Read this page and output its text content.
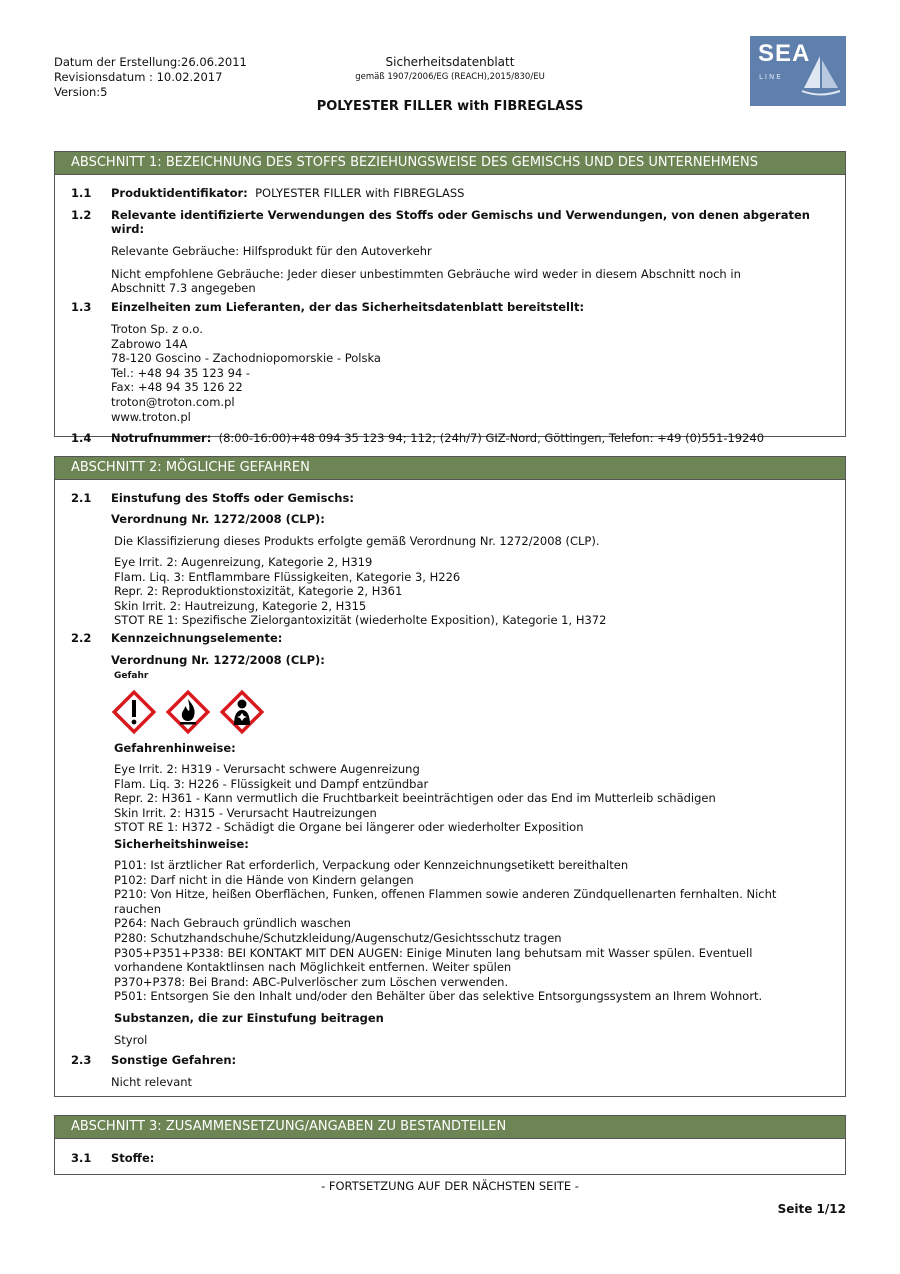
Datum der Erstellung:26.06.2011
Revisionsdatum : 10.02.2017
Version:5
Sicherheitsdatenblatt
gemäß 1907/2006/EG (REACH),2015/830/EU
POLYESTER FILLER with FIBREGLASS
SEA
LINE
ABSCHNITT 1: BEZEICHNUNG DES STOFFS BEZIEHUNGSWEISE DES GEMISCHS UND DES UNTERNEHMENS
1.1 Produktidentifikator: POLYESTER FILLER with FIBREGLASS
1.2 Relevante identifizierte Verwendungen des Stoffs oder Gemischs und Verwendungen, von denen abgeraten wird:
Relevante Gebräuche: Hilfsprodukt für den Autoverkehr
Nicht empfohlene Gebräuche: Jeder dieser unbestimmten Gebräuche wird weder in diesem Abschnitt noch in Abschnitt 7.3 angegeben
1.3 Einzelheiten zum Lieferanten, der das Sicherheitsdatenblatt bereitstellt:
Troton Sp. z o.o.
Zabrowo 14A
78-120 Goscino - Zachodniopomorskie - Polska
Tel.: +48 94 35 123 94 -
Fax: +48 94 35 126 22
troton@troton.com.pl
www.troton.pl
1.4 Notrufnummer: (8:00-16:00)+48 094 35 123 94; 112; (24h/7) GIZ-Nord, Göttingen, Telefon: +49 (0)551-19240
ABSCHNITT 2: MÖGLICHE GEFAHREN
2.1 Einstufung des Stoffs oder Gemischs:
Verordnung Nr. 1272/2008 (CLP):
Die Klassifizierung dieses Produkts erfolgte gemäß Verordnung Nr. 1272/2008 (CLP).
Eye Irrit. 2: Augenreizung, Kategorie 2, H319
Flam. Liq. 3: Entflammbare Flüssigkeiten, Kategorie 3, H226
Repr. 2: Reproduktionstoxizität, Kategorie 2, H361
Skin Irrit. 2: Hautreizung, Kategorie 2, H315
STOT RE 1: Spezifische Zielorgantoxizität (wiederholte Exposition), Kategorie 1, H372
2.2 Kennzeichnungselemente:
Verordnung Nr. 1272/2008 (CLP):
Gefahr
Gefahrenhinweise:
Eye Irrit. 2: H319 - Verursacht schwere Augenreizung
Flam. Liq. 3: H226 - Flüssigkeit und Dampf entzündbar
Repr. 2: H361 - Kann vermutlich die Fruchtbarkeit beeinträchtigen oder das End im Mutterleib schädigen
Skin Irrit. 2: H315 - Verursacht Hautreizungen
STOT RE 1: H372 - Schädigt die Organe bei längerer oder wiederholter Exposition
Sicherheitshinweise:
P101: Ist ärztlicher Rat erforderlich, Verpackung oder Kennzeichnungsetikett bereithalten
P102: Darf nicht in die Hände von Kindern gelangen
P210: Von Hitze, heißen Oberflächen, Funken, offenen Flammen sowie anderen Zündquellenarten fernhalten. Nicht rauchen
P264: Nach Gebrauch gründlich waschen
P280: Schutzhandschuhe/Schutzkleidung/Augenschutz/Gesichtsschutz tragen
P305+P351+P338: BEI KONTAKT MIT DEN AUGEN: Einige Minuten lang behutsam mit Wasser spülen. Eventuell vorhandene Kontaktlinsen nach Möglichkeit entfernen. Weiter spülen
P370+P378: Bei Brand: ABC-Pulverlöscher zum Löschen verwenden.
P501: Entsorgen Sie den Inhalt und/oder den Behälter über das selektive Entsorgungssystem an Ihrem Wohnort.
Substanzen, die zur Einstufung beitragen
Styrol
2.3 Sonstige Gefahren:
Nicht relevant
ABSCHNITT 3: ZUSAMMENSETZUNG/ANGABEN ZU BESTANDTEILEN
3.1 Stoffe:
- FORTSETZUNG AUF DER NÄCHSTEN SEITE -
Seite 1/12
